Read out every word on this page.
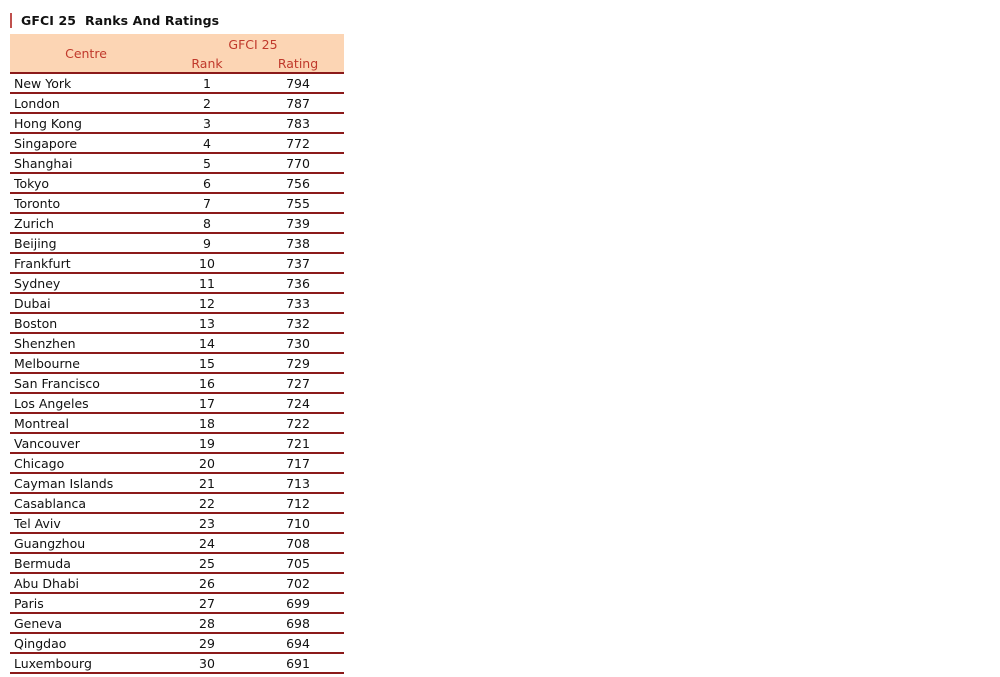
GFCI 25  Ranks And Ratings
Centre
GFCI 25
Rank	Rating
New York	1	794
London	2	787
Hong Kong	3	783
Singapore	4	772
Shanghai	5	770
Tokyo	6	756
Toronto	7	755
Zurich	8	739
Beijing	9	738
Frankfurt	10	737
Sydney	11	736
Dubai	12	733
Boston	13	732
Shenzhen	14	730
Melbourne	15	729
San Francisco	16	727
Los Angeles	17	724
Montreal	18	722
Vancouver	19	721
Chicago	20	717
Cayman Islands	21	713
Casablanca	22	712
Tel Aviv	23	710
Guangzhou	24	708
Bermuda	25	705
Abu Dhabi	26	702
Paris	27	699
Geneva	28	698
Qingdao	29	694
Luxembourg	30	691
